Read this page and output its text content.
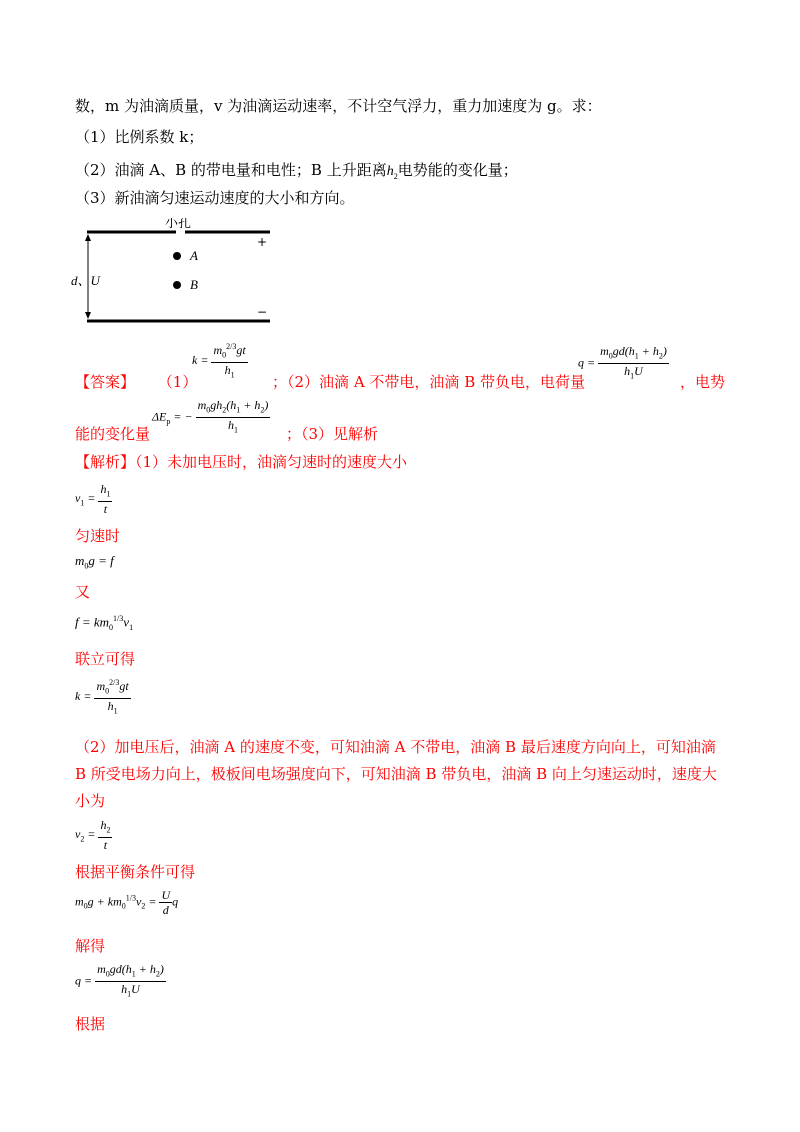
数，m 为油滴质量，v 为油滴运动速率，不计空气浮力，重力加速度为 g。求：
（1）比例系数 k；
（2）油滴 A、B 的带电量和电性；B 上升距离$h_2$电势能的变化量；
（3）新油滴匀速运动速度的大小和方向。
小孔
+
−
A
B
d、U
【答案】 （1）
$k = \frac{m_0^{2/3}gt}{h_1}$ ；（2）油滴 A 不带电，油滴 B 带负电，电荷量
$q = \frac{m_0gd(h_1 + h_2)}{h_1U}$ ，电势
能的变化量
$\Delta E_p$ = − $\frac{m_0gh_2(h_1 + h_2)}{h_1}$ ；（3）见解析
【解析】（1）未加电压时，油滴匀速时的速度大小
$v_1 = \frac{h_1}{t}$
匀速时
$m_0g = f$
又
$f = km_0^{1/3}v_1$
联立可得
$k = \frac{m_0^{2/3}gt}{h_1}$
（2）加电压后，油滴 A 的速度不变，可知油滴 A 不带电，油滴 B 最后速度方向向上，可知油滴
B 所受电场力向上，极板间电场强度向下，可知油滴 B 带负电，油滴 B 向上匀速运动时，速度大
小为
$v_2 = \frac{h_2}{t}$
根据平衡条件可得
$m_0g + km_0^{1/3}v_2 = \frac{U}{d}$ q
解得
$q = \frac{m_0gd(h_1 + h_2)}{h_1U}$
根据
